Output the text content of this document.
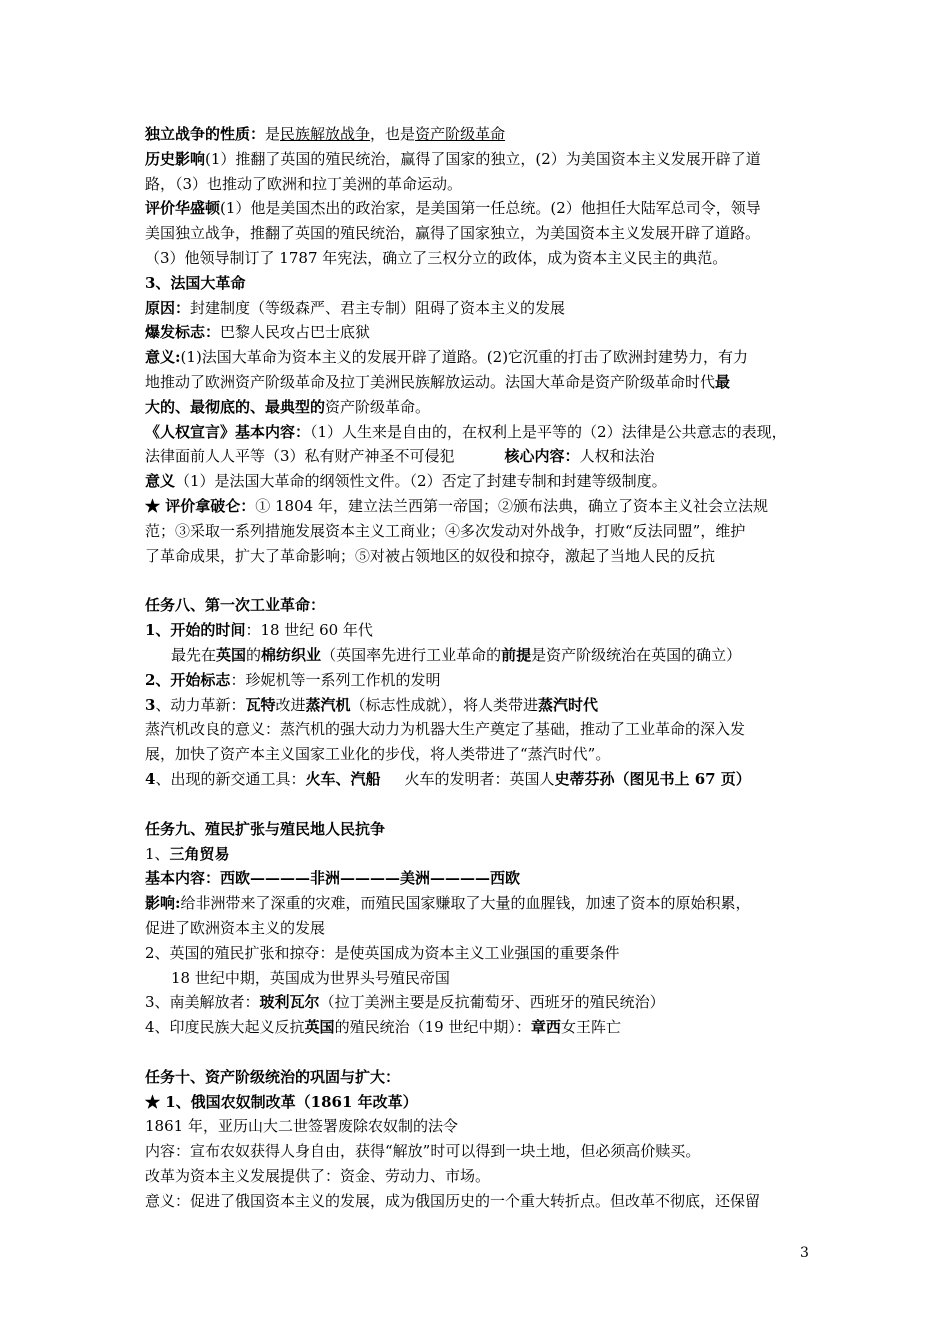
独立战争的性质：是民族解放战争，也是资产阶级革命
历史影响(1）推翻了英国的殖民统治，赢得了国家的独立，(2）为美国资本主义发展开辟了道
路，（3）也推动了欧洲和拉丁美洲的革命运动。
评价华盛顿(1）他是美国杰出的政治家，是美国第一任总统。(2）他担任大陆军总司令，领导
美国独立战争，推翻了英国的殖民统治，赢得了国家独立，为美国资本主义发展开辟了道路。
（3）他领导制订了 1787 年宪法，确立了三权分立的政体，成为资本主义民主的典范。
3、法国大革命
原因：封建制度（等级森严、君主专制）阻碍了资本主义的发展
爆发标志：巴黎人民攻占巴士底狱
意义:(1)法国大革命为资本主义的发展开辟了道路。(2)它沉重的打击了欧洲封建势力，有力
地推动了欧洲资产阶级革命及拉丁美洲民族解放运动。法国大革命是资产阶级革命时代最
大的、最彻底的、最典型的资产阶级革命。
《人权宣言》基本内容：（1）人生来是自由的，在权利上是平等的（2）法律是公共意志的表现，
法律面前人人平等（3）私有财产神圣不可侵犯	核心内容：人权和法治
意义（1）是法国大革命的纲领性文件。（2）否定了封建专制和封建等级制度。
★ 评价拿破仑：① 1804 年，建立法兰西第一帝国；②颁布法典，确立了资本主义社会立法规
范；③采取一系列措施发展资本主义工商业；④多次发动对外战争，打败“反法同盟”，维护
了革命成果，扩大了革命影响；⑤对被占领地区的奴役和掠夺，激起了当地人民的反抗
任务八、第一次工业革命：
1、开始的时间：18 世纪 60 年代
最先在英国的棉纺织业（英国率先进行工业革命的前提是资产阶级统治在英国的确立）
2、开始标志：珍妮机等一系列工作机的发明
3、动力革新：瓦特改进蒸汽机（标志性成就），将人类带进蒸汽时代
蒸汽机改良的意义：蒸汽机的强大动力为机器大生产奠定了基础，推动了工业革命的深入发
展，加快了资产本主义国家工业化的步伐，将人类带进了“蒸汽时代”。
4、出现的新交通工具：火车、汽船 火车的发明者：英国人史蒂芬孙（图见书上 67 页）
任务九、殖民扩张与殖民地人民抗争
1、三角贸易
基本内容：西欧————非洲————美洲————西欧
影响:给非洲带来了深重的灾难，而殖民国家赚取了大量的血腥钱，加速了资本的原始积累，
促进了欧洲资本主义的发展
2、英国的殖民扩张和掠夺：是使英国成为资本主义工业强国的重要条件
18 世纪中期，英国成为世界头号殖民帝国
3、南美解放者：玻利瓦尔（拉丁美洲主要是反抗葡萄牙、西班牙的殖民统治）
4、印度民族大起义反抗英国的殖民统治（19 世纪中期）：章西女王阵亡
任务十、资产阶级统治的巩固与扩大：
★ 1、俄国农奴制改革（1861 年改革）
1861 年，亚历山大二世签署废除农奴制的法令
内容：宣布农奴获得人身自由，获得“解放”时可以得到一块土地，但必须高价赎买。
改革为资本主义发展提供了：资金、劳动力、市场。
意义：促进了俄国资本主义的发展，成为俄国历史的一个重大转折点。但改革不彻底，还保留
3
